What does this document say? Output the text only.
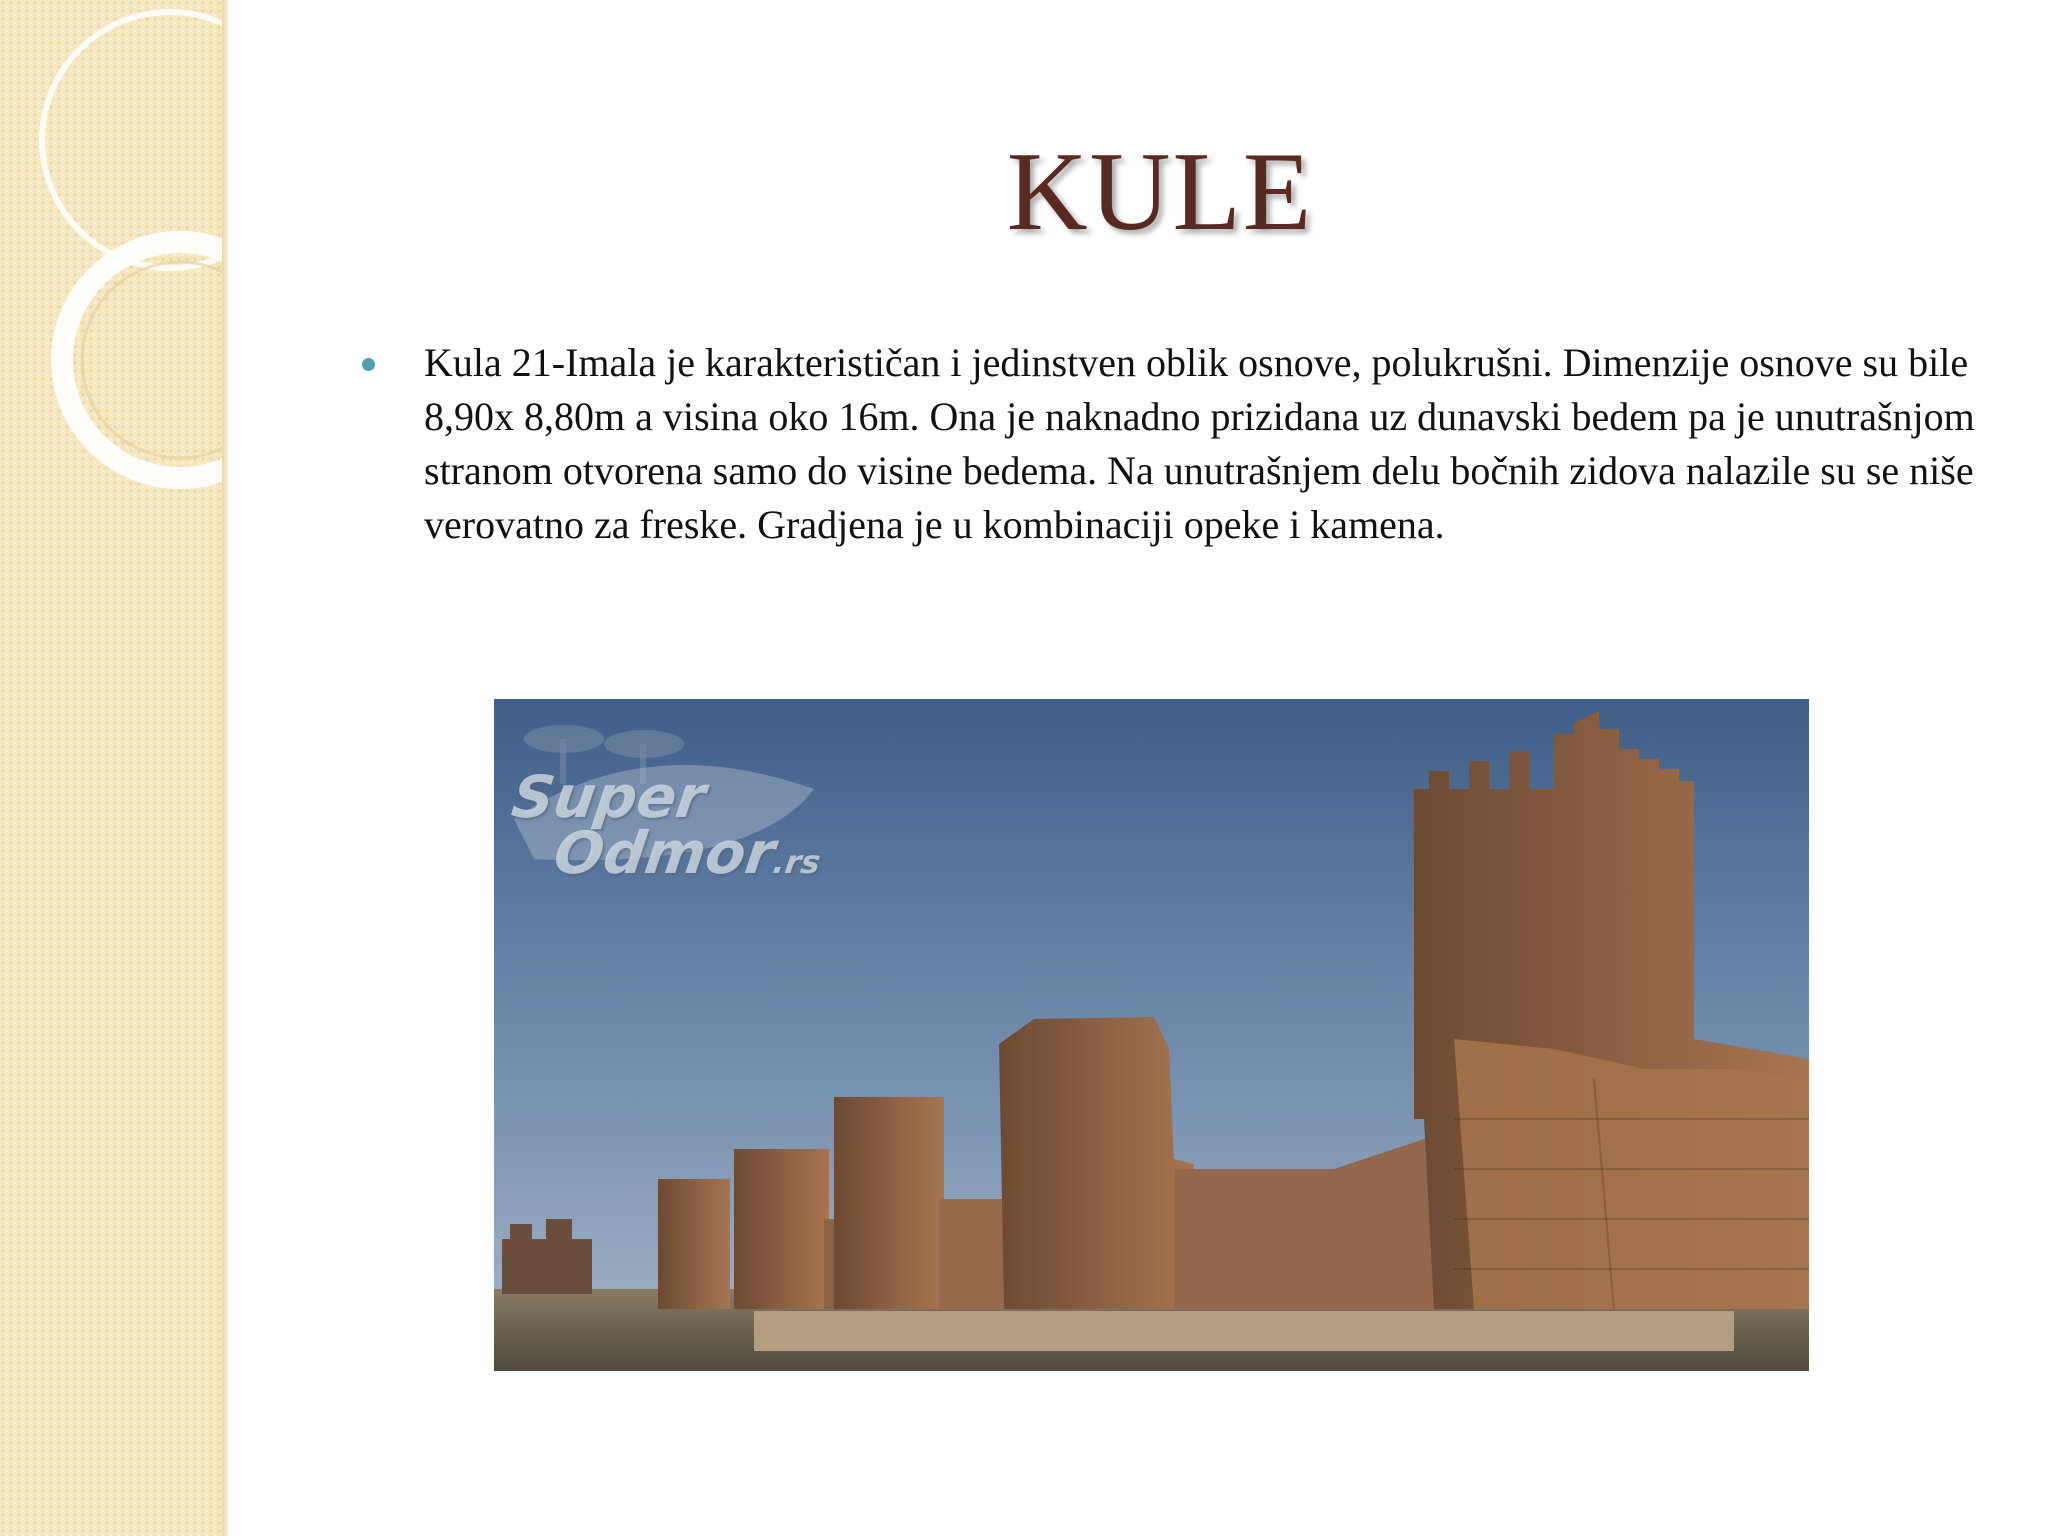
KULE
Kula 21-Imala je karakterističan i jedinstven oblik osnove, polukrušni. Dimenzije osnove su bile 8,90x 8,80m a visina oko 16m. Ona je naknadno prizidana uz dunavski bedem pa je unutrašnjom stranom otvorena samo do visine bedema. Na unutrašnjem delu bočnih zidova nalazile su se niše verovatno za freske. Gradjena je u kombinaciji opeke i kamena.
Super
Odmor.rs
